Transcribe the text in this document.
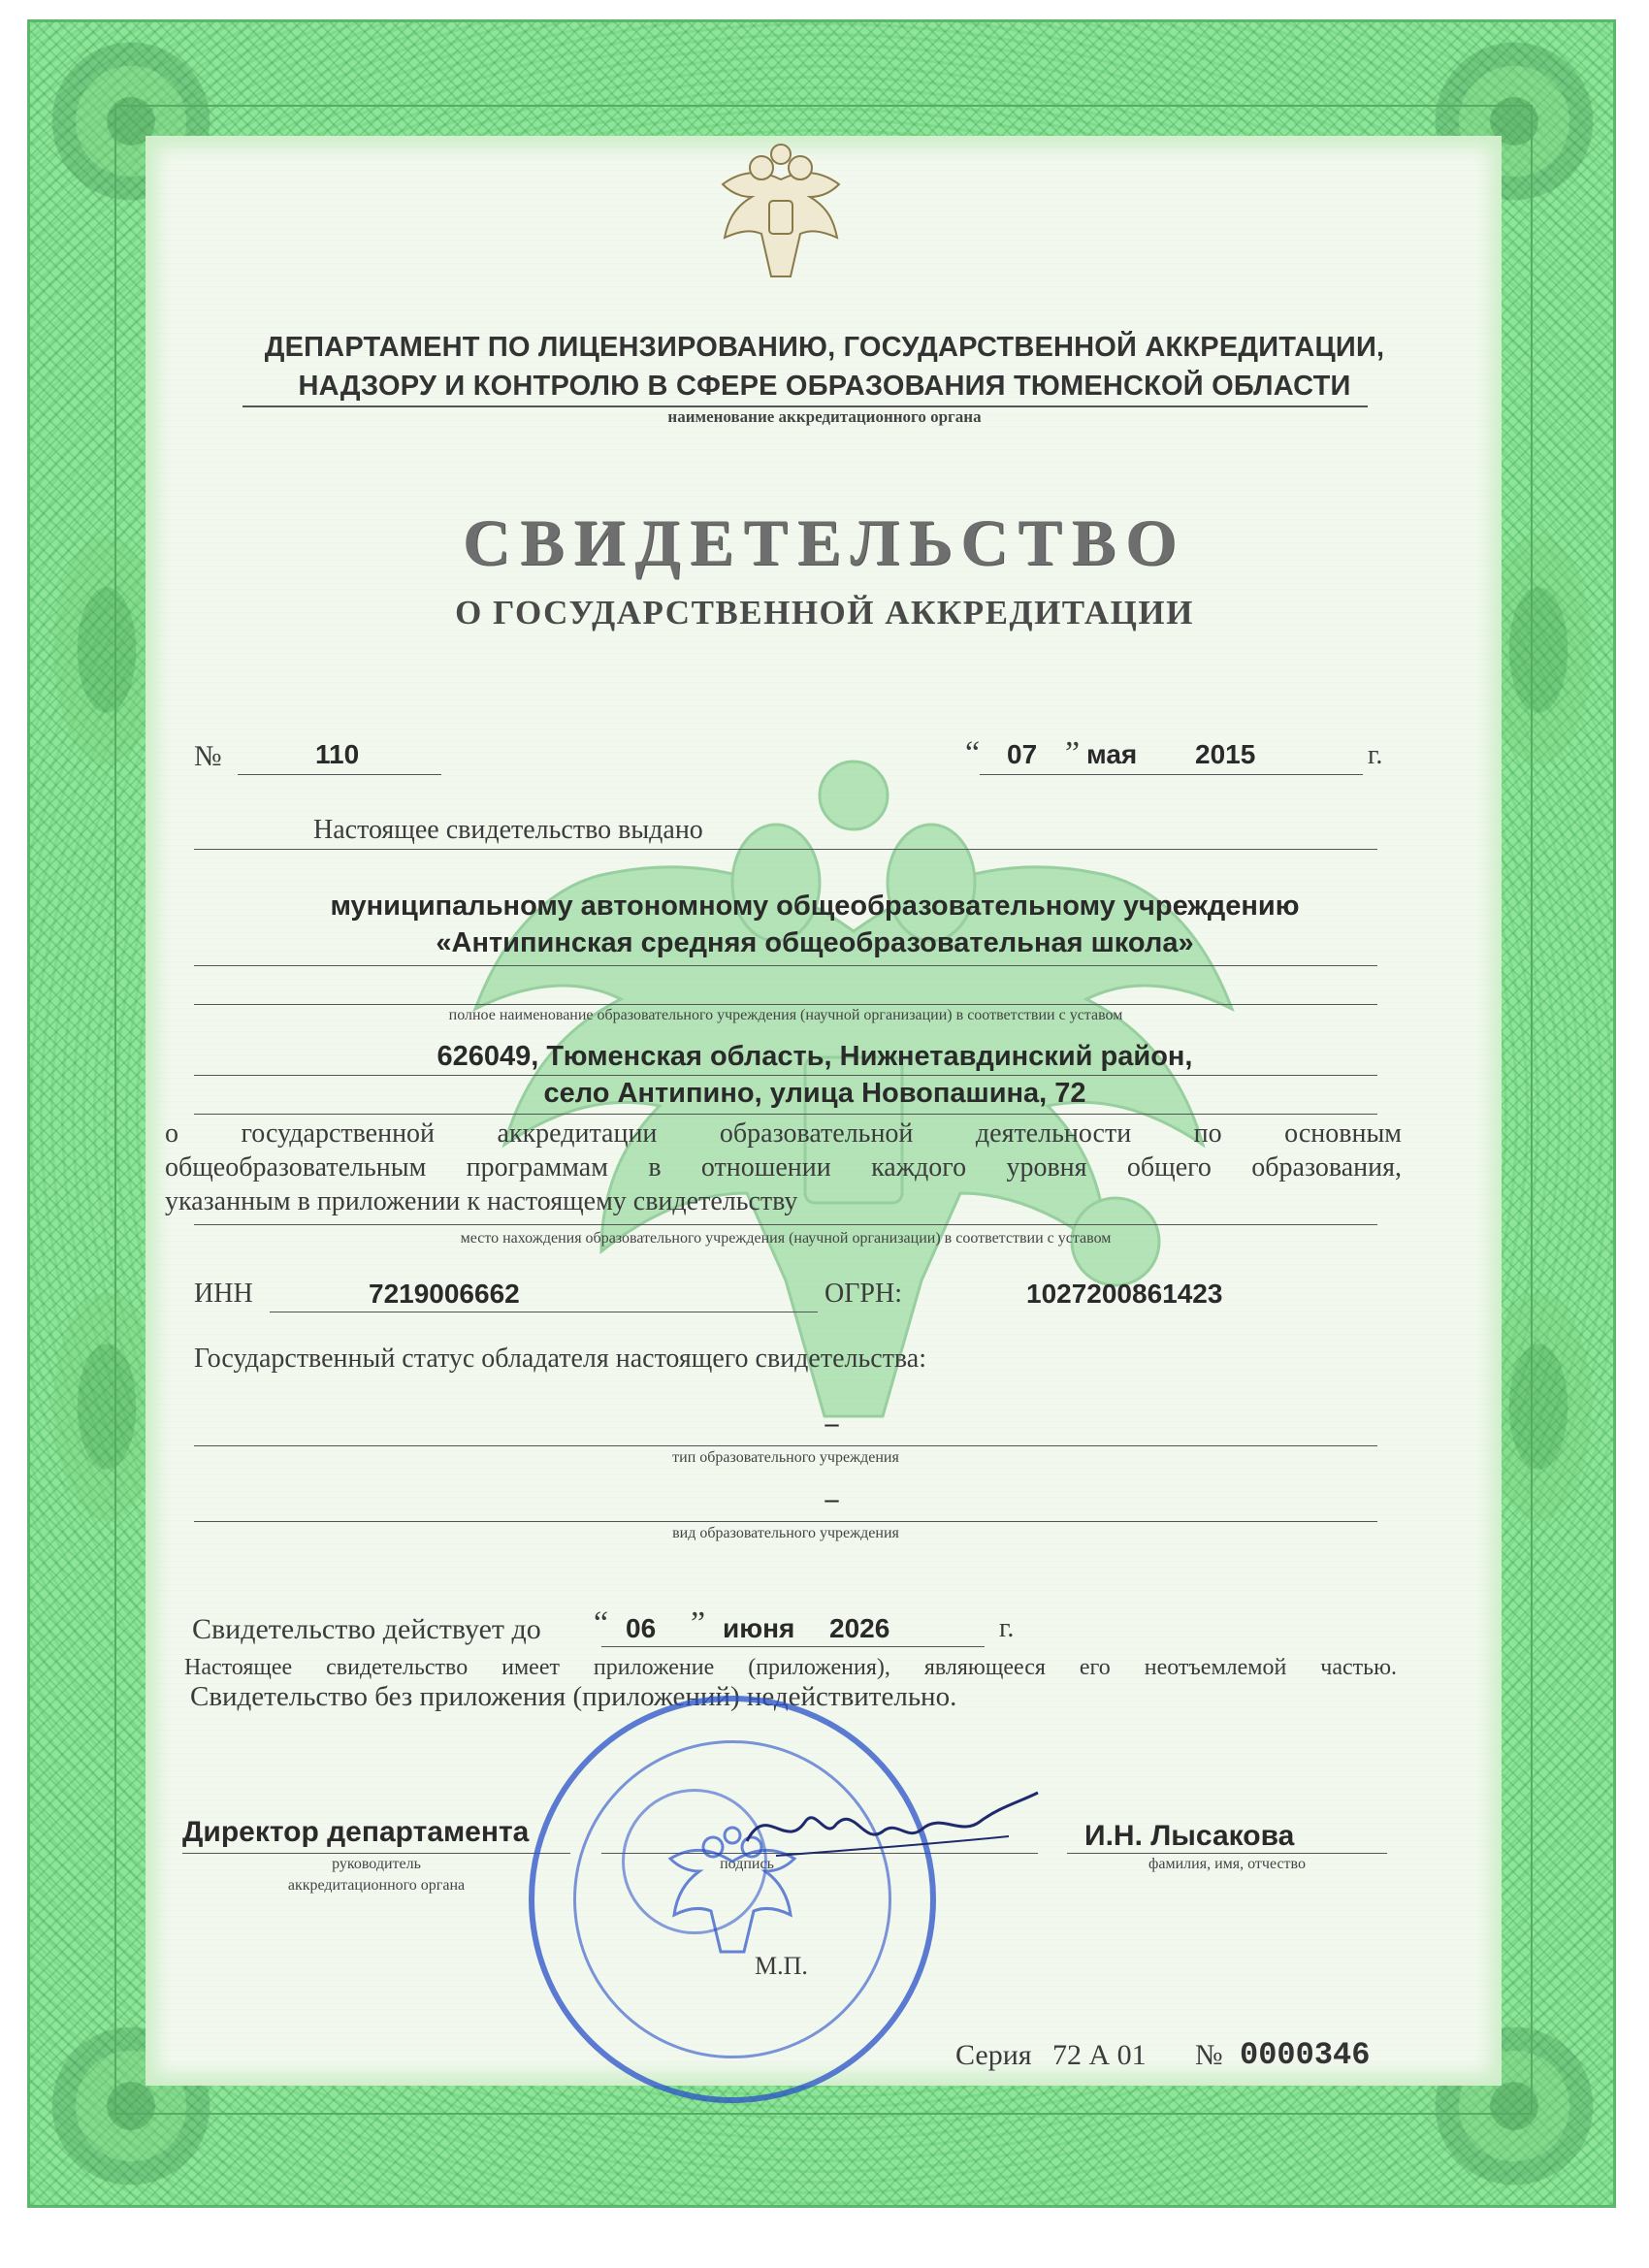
ДЕПАРТАМЕНТ ПО ЛИЦЕНЗИРОВАНИЮ, ГОСУДАРСТВЕННОЙ АККРЕДИТАЦИИ,
НАДЗОРУ И КОНТРОЛЮ В СФЕРЕ ОБРАЗОВАНИЯ ТЮМЕНСКОЙ ОБЛАСТИ
наименование аккредитационного органа
СВИДЕТЕЛЬСТВО
О ГОСУДАРСТВЕННОЙ АККРЕДИТАЦИИ
№	110	“ 07 ” мая 2015	г.
Настоящее свидетельство выдано
муниципальному автономному общеобразовательному учреждению
«Антипинская средняя общеобразовательная школа»
полное наименование образовательного учреждения (научной организации) в соответствии с уставом
626049, Тюменская область, Нижнетавдинский район,
село Антипино, улица Новопашина, 72
о государственной аккредитации образовательной деятельности по основным
общеобразовательным программам в отношении каждого уровня общего образования,
указанным в приложении к настоящему свидетельству
место нахождения образовательного учреждения (научной организации) в соответствии с уставом
ИНН	7219006662	ОГРН:	1027200861423
Государственный статус обладателя настоящего свидетельства:
–
тип образовательного учреждения
–
вид образовательного учреждения
Свидетельство действует до “ 06 ” июня 2026	г.
Настоящее свидетельство имеет приложение (приложения), являющееся его неотъемлемой частью.
Свидетельство без приложения (приложений) недействительно.
Директор департамента
руководитель
аккредитационного органа
подпись
И.Н. Лысакова
фамилия, имя, отчество
М.П.
Серия 72 А 01 № 0000346
